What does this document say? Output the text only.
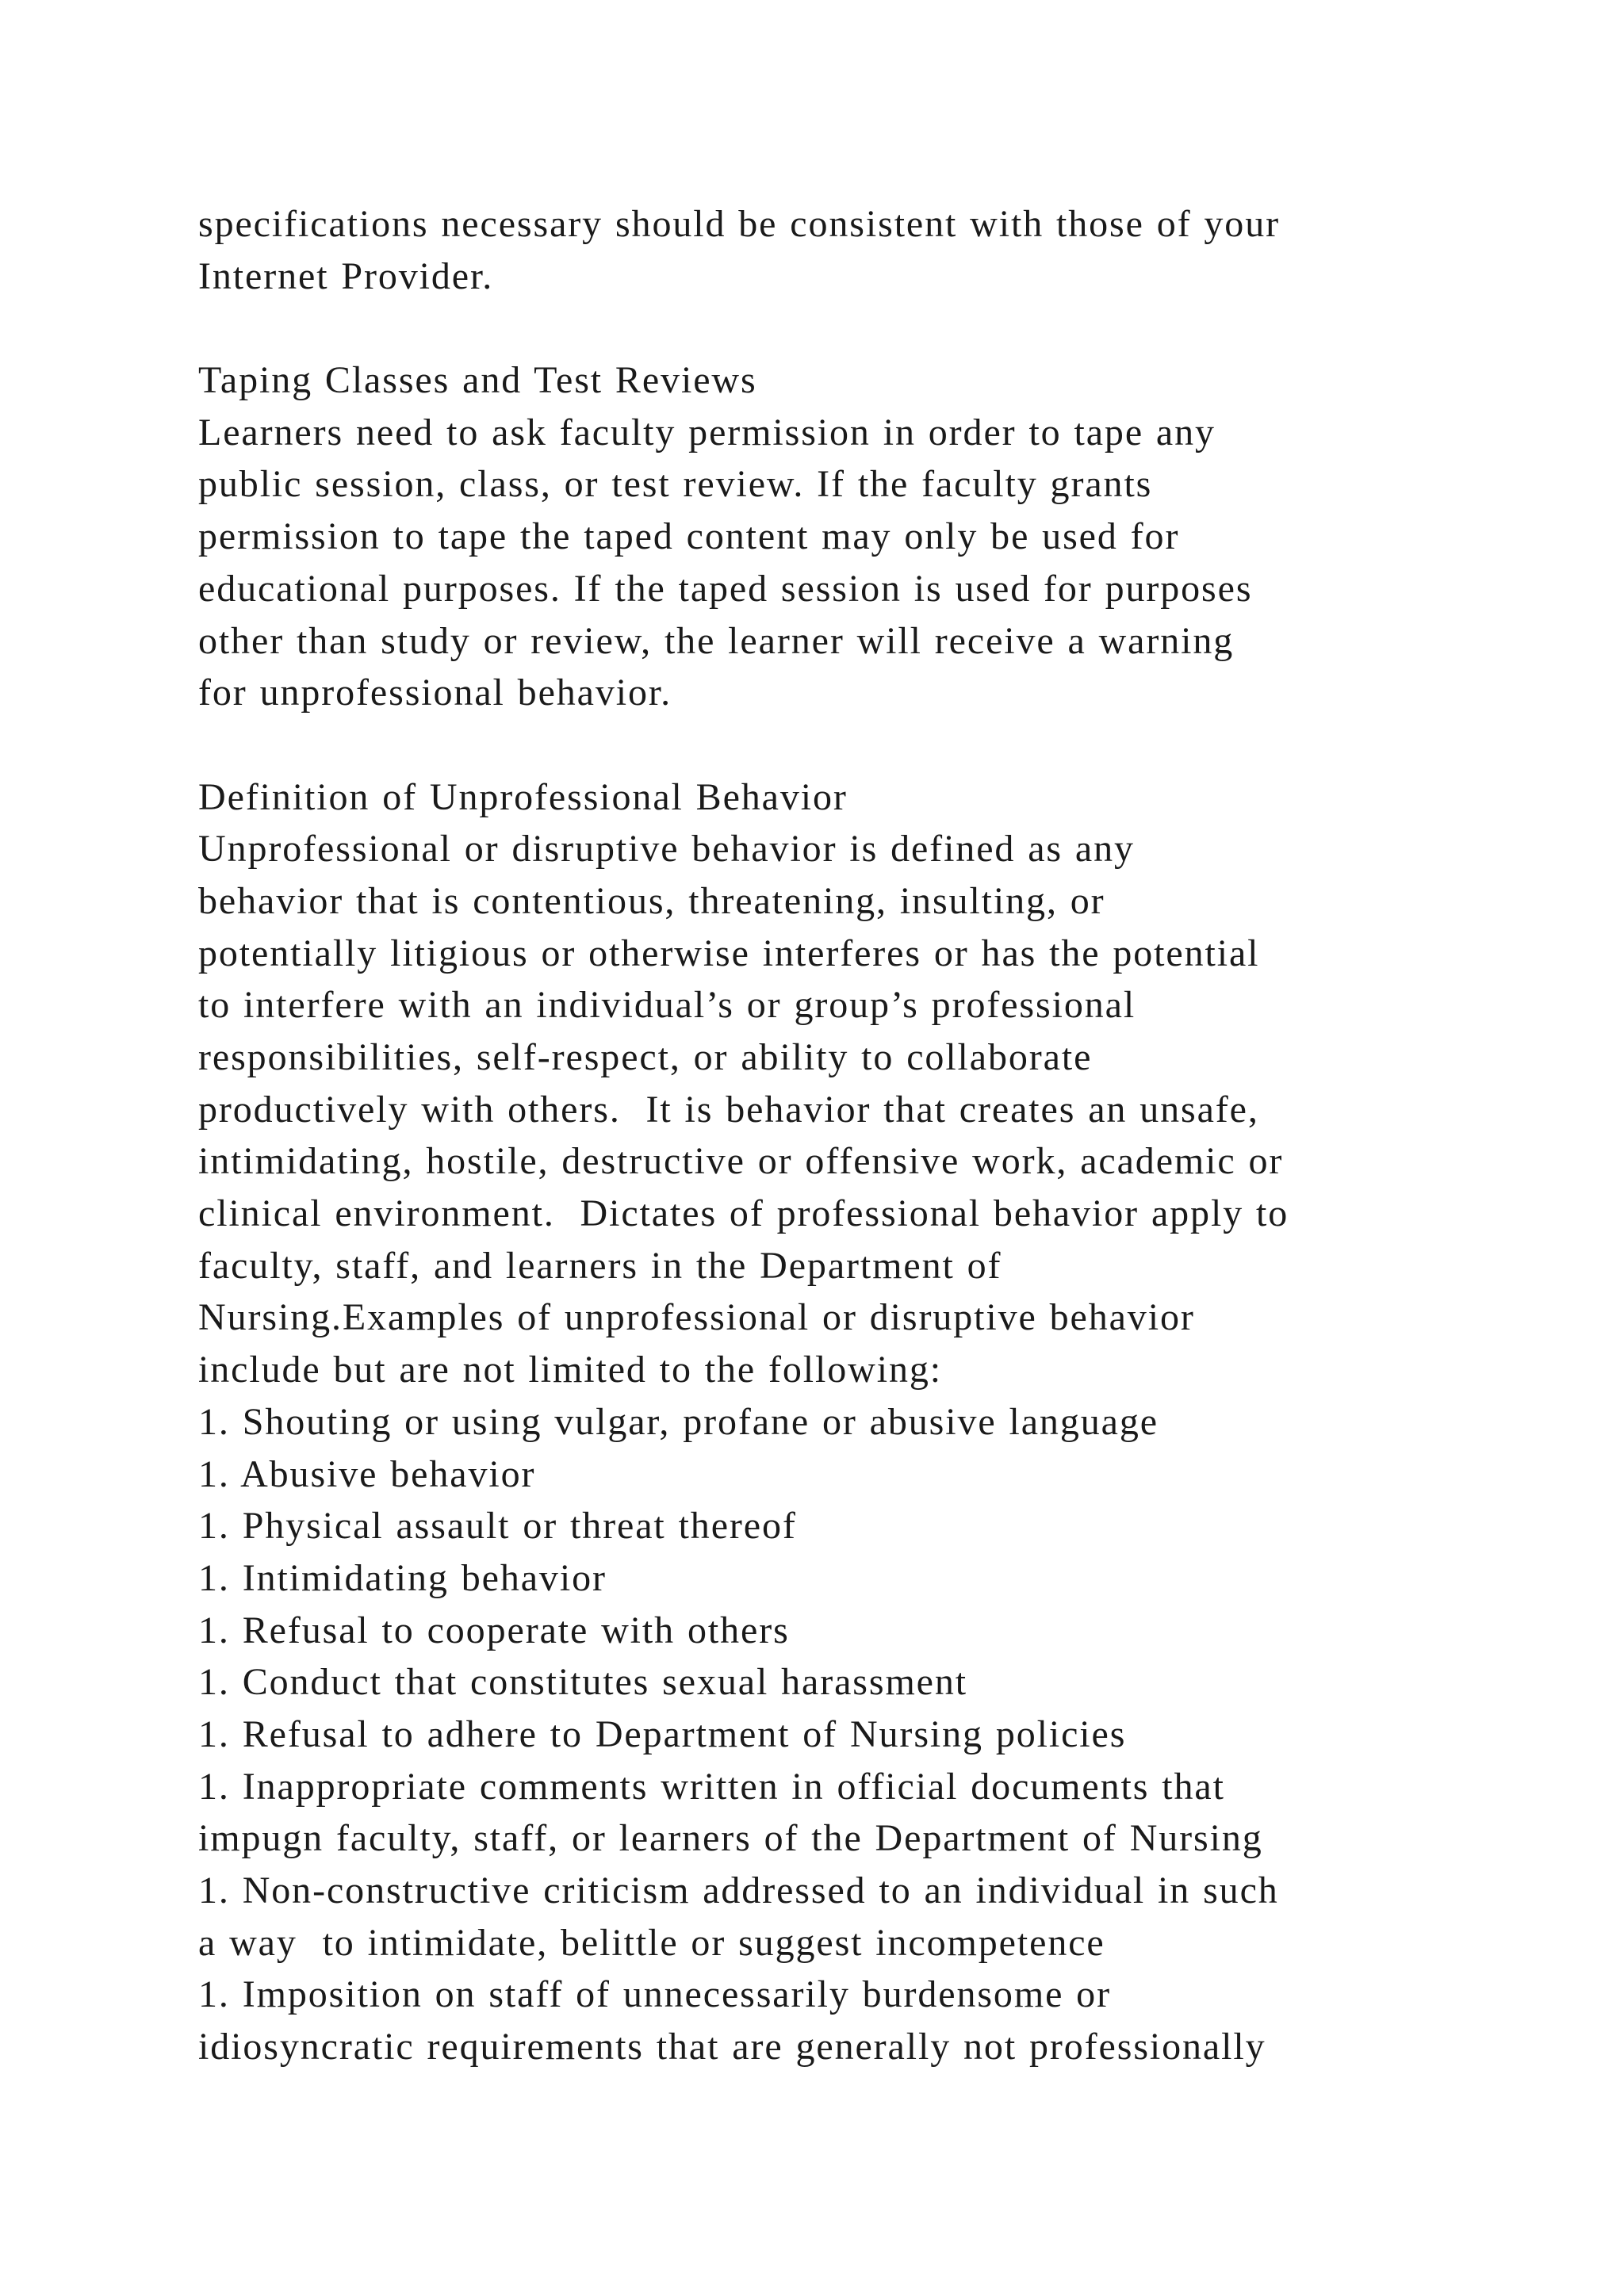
specifications necessary should be consistent with those of your
Internet Provider.
Taping Classes and Test Reviews
Learners need to ask faculty permission in order to tape any
public session, class, or test review. If the faculty grants
permission to tape the taped content may only be used for
educational purposes. If the taped session is used for purposes
other than study or review, the learner will receive a warning
for unprofessional behavior.
Definition of Unprofessional Behavior
Unprofessional or disruptive behavior is defined as any
behavior that is contentious, threatening, insulting, or
potentially litigious or otherwise interferes or has the potential
to interfere with an individual’s or group’s professional
responsibilities, self-respect, or ability to collaborate
productively with others.  It is behavior that creates an unsafe,
intimidating, hostile, destructive or offensive work, academic or
clinical environment.  Dictates of professional behavior apply to
faculty, staff, and learners in the Department of
Nursing.Examples of unprofessional or disruptive behavior
include but are not limited to the following:
1. Shouting or using vulgar, profane or abusive language
1. Abusive behavior
1. Physical assault or threat thereof
1. Intimidating behavior
1. Refusal to cooperate with others
1. Conduct that constitutes sexual harassment
1. Refusal to adhere to Department of Nursing policies
1. Inappropriate comments written in official documents that
impugn faculty, staff, or learners of the Department of Nursing
1. Non-constructive criticism addressed to an individual in such
a way  to intimidate, belittle or suggest incompetence
1. Imposition on staff of unnecessarily burdensome or
idiosyncratic requirements that are generally not professionally
